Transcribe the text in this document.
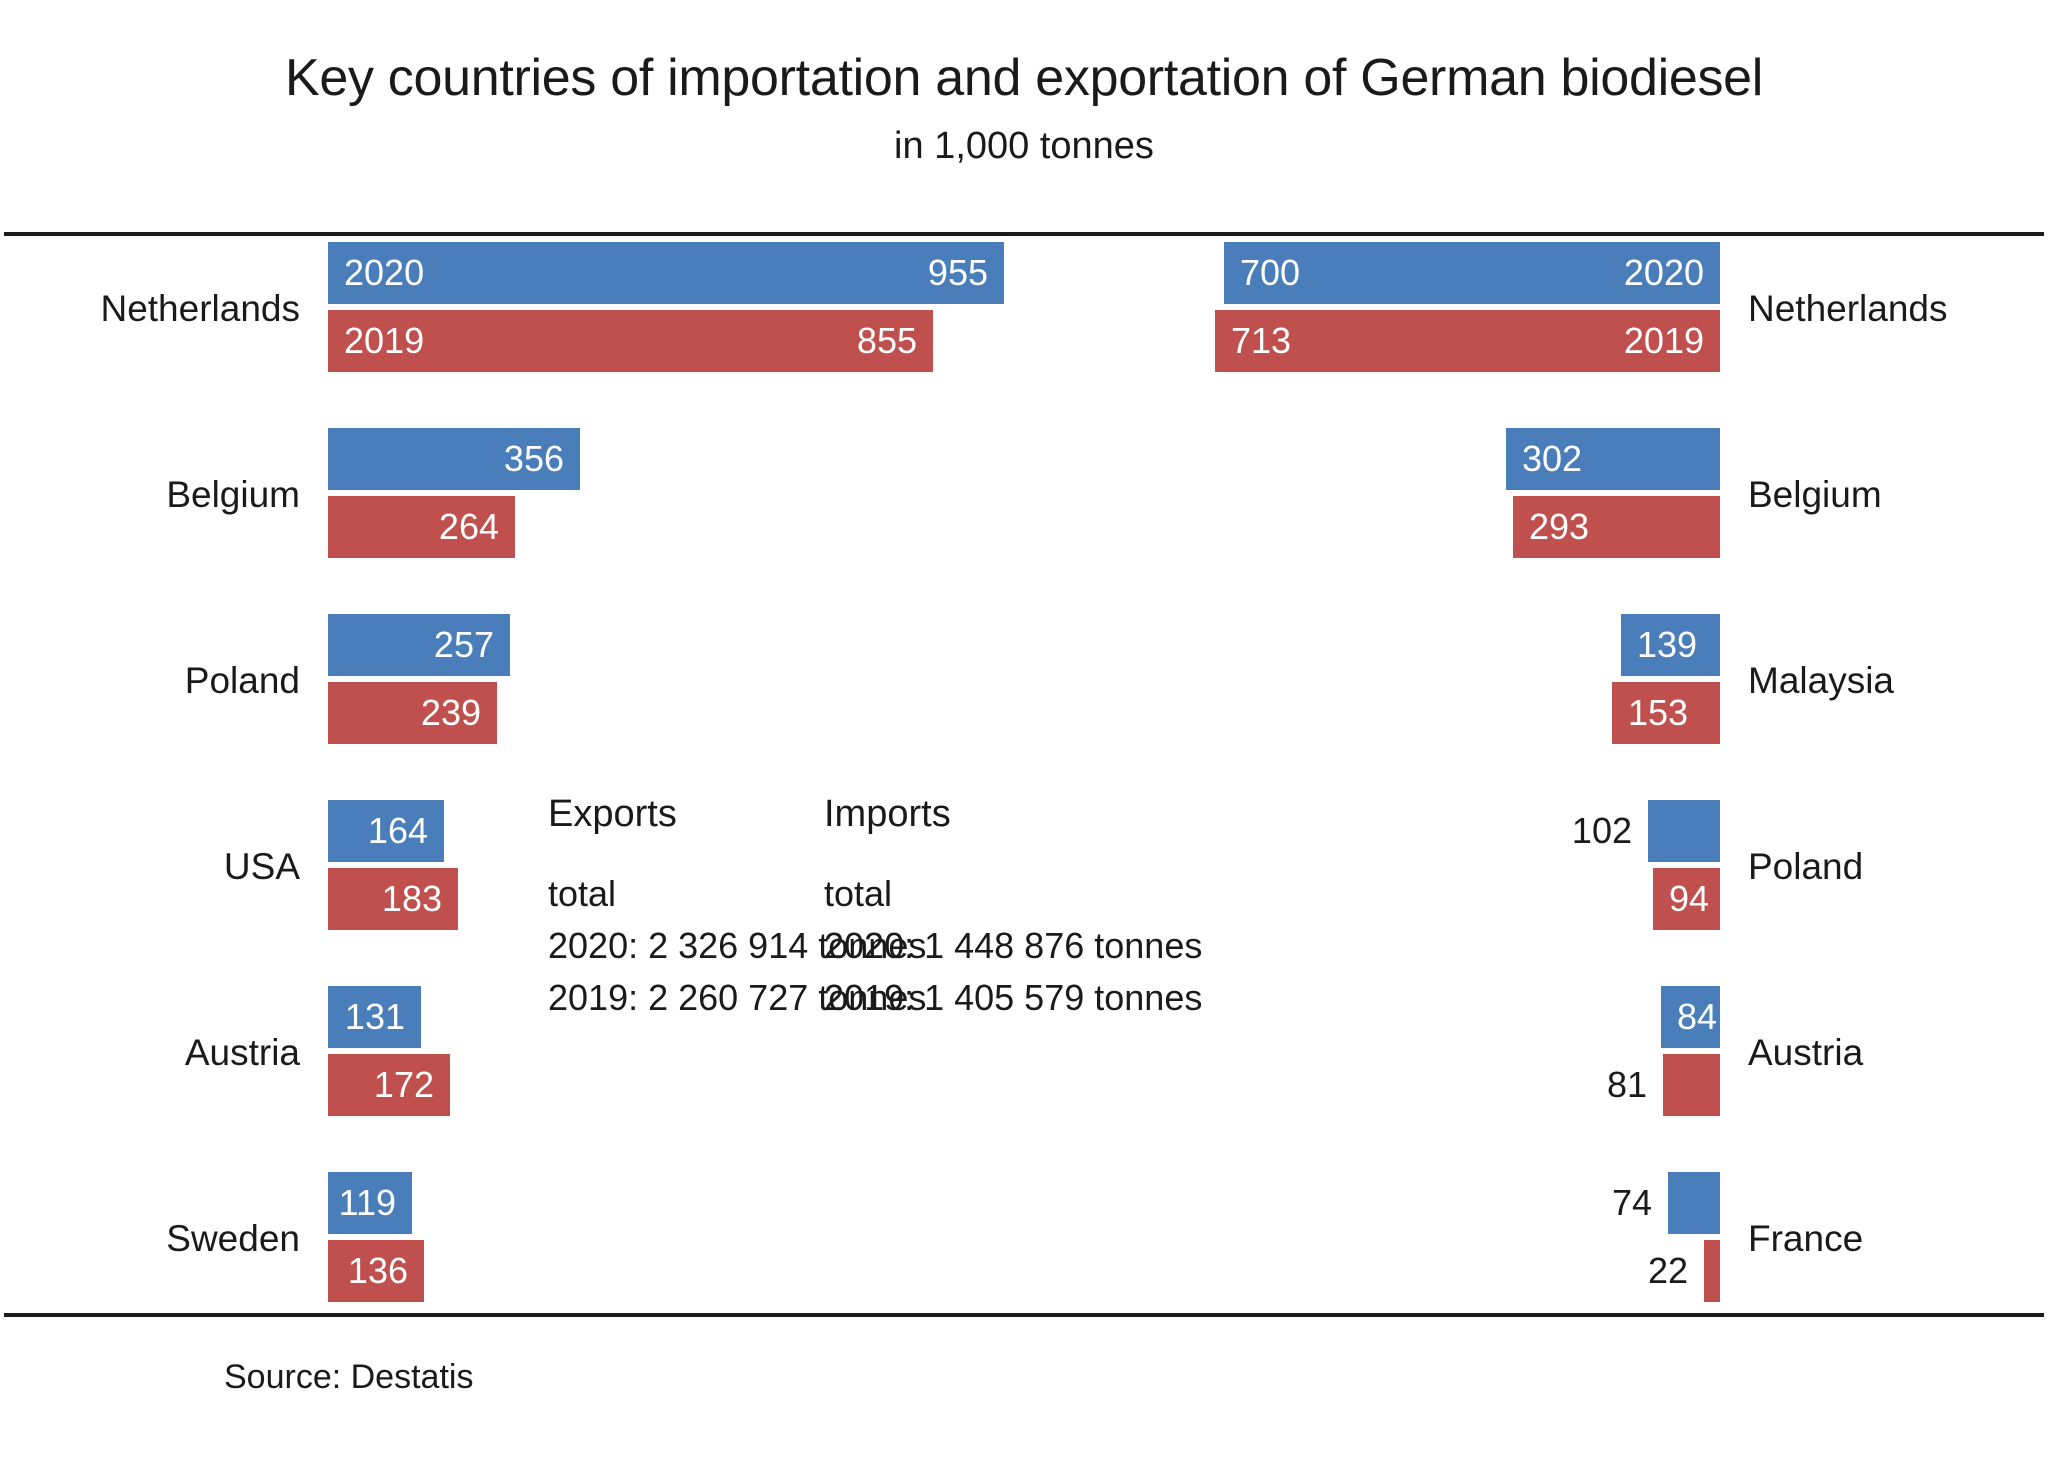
Key countries of importation and exportation of German biodiesel
in 1,000 tonnes
Netherlands
2020	955
2019	855
Belgium
356
264
Poland
257
239
USA
164
183
Austria
131
172
Sweden
119
136
Exports
total
2020: 2 326 914 tonnes
2019: 2 260 727 tonnes
Netherlands
700	2020
713	2019
Belgium
302
293
Malaysia
139
153
Poland
102
94
Austria
84
81
France
74
22
Imports
total
2020: 1 448 876 tonnes
2019: 1 405 579 tonnes
Source: Destatis
